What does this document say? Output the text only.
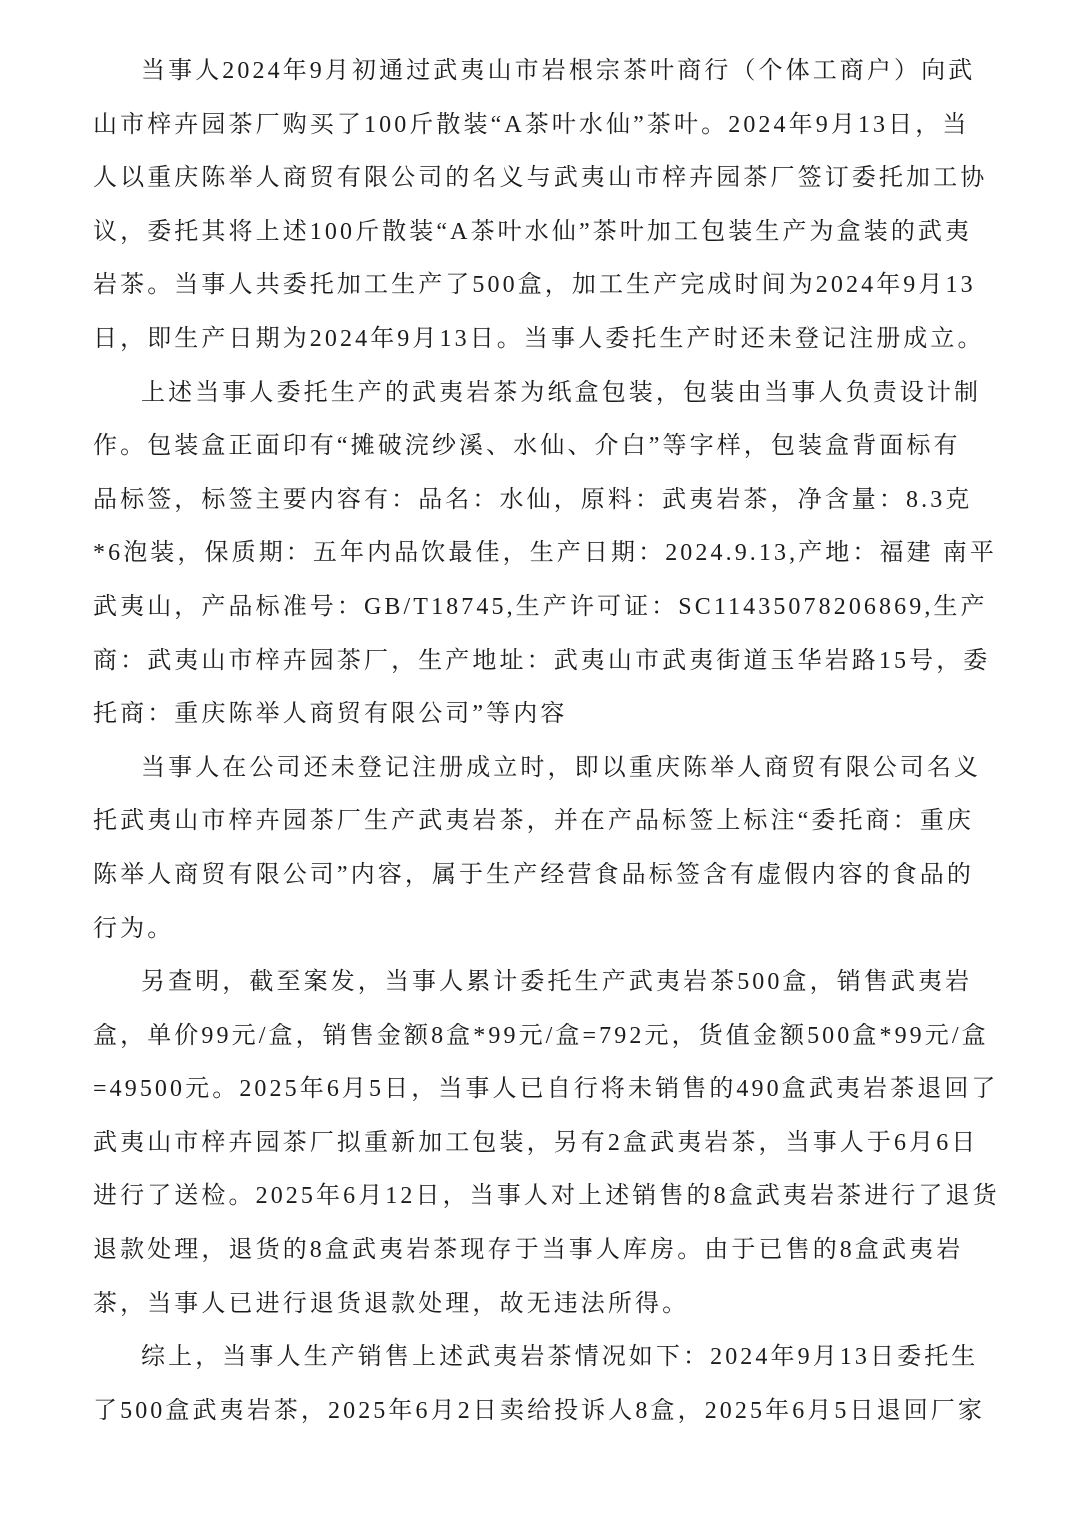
当事人2024年9月初通过武夷山市岩根宗茶叶商行（个体工商户）向武
山市梓卉园茶厂购买了100斤散装“A茶叶水仙”茶叶。2024年9月13日，当
人以重庆陈举人商贸有限公司的名义与武夷山市梓卉园茶厂签订委托加工协
议，委托其将上述100斤散装“A茶叶水仙”茶叶加工包装生产为盒装的武夷
岩茶。当事人共委托加工生产了500盒，加工生产完成时间为2024年9月13
日，即生产日期为2024年9月13日。当事人委托生产时还未登记注册成立。
上述当事人委托生产的武夷岩茶为纸盒包装，包装由当事人负责设计制
作。包装盒正面印有“摊破浣纱溪、水仙、介白”等字样，包装盒背面标有
品标签，标签主要内容有：品名：水仙，原料：武夷岩茶，净含量：8.3克
*6泡装，保质期：五年内品饮最佳，生产日期：2024.9.13,产地：福建 南平
武夷山，产品标准号：GB/T18745,生产许可证：SC11435078206869,生产
商：武夷山市梓卉园茶厂，生产地址：武夷山市武夷街道玉华岩路15号，委
托商：重庆陈举人商贸有限公司”等内容
当事人在公司还未登记注册成立时，即以重庆陈举人商贸有限公司名义
托武夷山市梓卉园茶厂生产武夷岩茶，并在产品标签上标注“委托商：重庆
陈举人商贸有限公司”内容，属于生产经营食品标签含有虚假内容的食品的
行为。
另查明，截至案发，当事人累计委托生产武夷岩茶500盒，销售武夷岩
盒，单价99元/盒，销售金额8盒*99元/盒=792元，货值金额500盒*99元/盒
=49500元。2025年6月5日，当事人已自行将未销售的490盒武夷岩茶退回了
武夷山市梓卉园茶厂拟重新加工包装，另有2盒武夷岩茶，当事人于6月6日
进行了送检。2025年6月12日，当事人对上述销售的8盒武夷岩茶进行了退货
退款处理，退货的8盒武夷岩茶现存于当事人库房。由于已售的8盒武夷岩
茶，当事人已进行退货退款处理，故无违法所得。
综上，当事人生产销售上述武夷岩茶情况如下：2024年9月13日委托生
了500盒武夷岩茶，2025年6月2日卖给投诉人8盒，2025年6月5日退回厂家
